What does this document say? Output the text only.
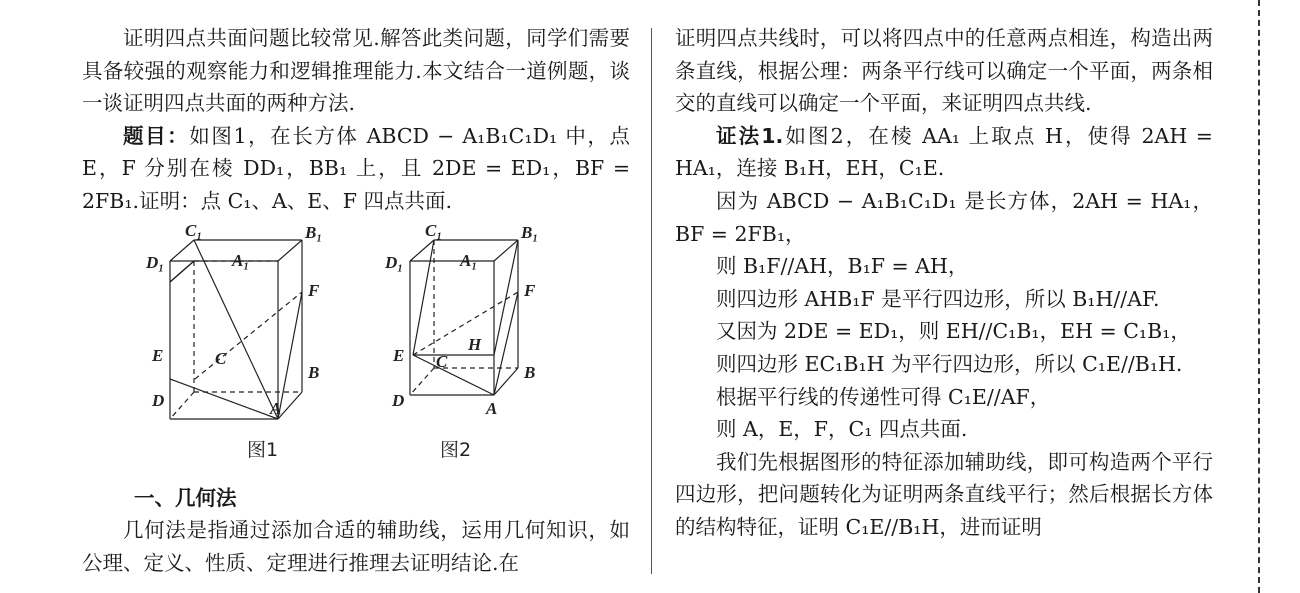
证明四点共面问题比较常见.解答此类问题，同学们需要具备较强的观察能力和逻辑推理能力.本文结合一道例题，谈一谈证明四点共面的两种方法.

题目：如图1，在长方体 ABCD − A₁B₁C₁D₁ 中，点 E，F 分别在棱 DD₁，BB₁ 上，且 2DE = ED₁，BF = 2FB₁.证明：点 C₁、A、E、F 四点共面.

C₁	B₁
D₁	A₁
F
E	C
B
D	A
图1
C₁	B₁
D₁	A₁
F
E
H
C
B
D	A
图2

一、几何法

几何法是指通过添加合适的辅助线，运用几何知识，如公理、定义、性质、定理进行推理去证明结论.在

证明四点共线时，可以将四点中的任意两点相连，构造出两条直线，根据公理：两条平行线可以确定一个平面，两条相交的直线可以确定一个平面，来证明四点共线.

证法1.如图2，在棱 AA₁ 上取点 H，使得 2AH = HA₁，连接 B₁H，EH，C₁E.

因为 ABCD − A₁B₁C₁D₁ 是长方体，2AH = HA₁，BF = 2FB₁，

则 B₁F//AH，B₁F = AH，

则四边形 AHB₁F 是平行四边形，所以 B₁H//AF.

又因为 2DE = ED₁，则 EH//C₁B₁，EH = C₁B₁，

则四边形 EC₁B₁H 为平行四边形，所以 C₁E//B₁H.

根据平行线的传递性可得 C₁E//AF，

则 A，E，F，C₁ 四点共面.

我们先根据图形的特征添加辅助线，即可构造两个平行四边形，把问题转化为证明两条直线平行；然后根据长方体的结构特征，证明 C₁E//B₁H，进而证明
